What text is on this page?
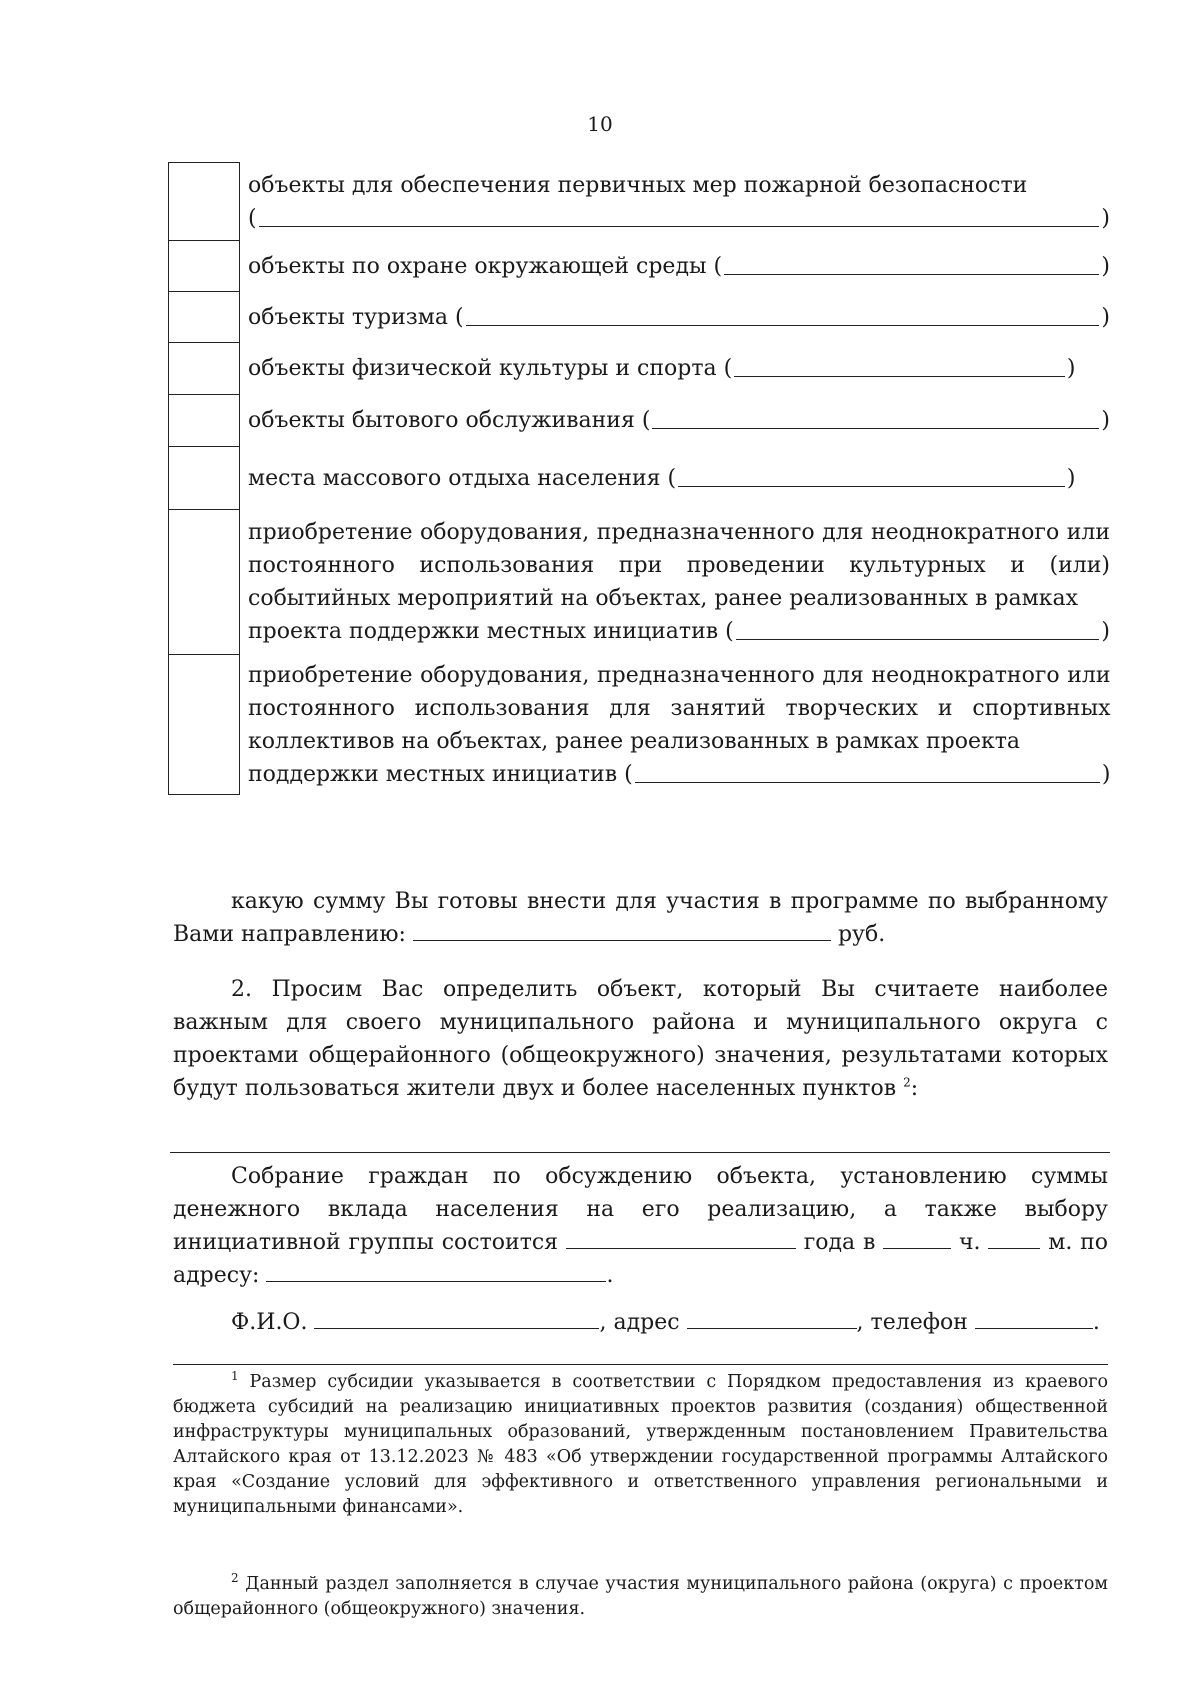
10

	объекты для обеспечения первичных мер пожарной безопасности
( )

	объекты по охране окружающей среды ( )

	объекты туризма ( )

	объекты физической культуры и спорта ( )

	объекты бытового обслуживания ( )

	места массового отдыха населения ( )

	приобретение оборудования, предназначенного для неоднократного или постоянного использования при проведении культурных и (или) событийных мероприятий на объектах, ранее реализованных в рамках
проекта поддержки местных инициатив ( )

	приобретение оборудования, предназначенного для неоднократного или постоянного использования для занятий творческих и спортивных коллективов на объектах, ранее реализованных в рамках проекта
поддержки местных инициатив ( )
какую сумму Вы готовы внести для участия в программе по выбранному Вами направлению:	руб.
2. Просим Вас определить объект, который Вы считаете наиболее важным для своего муниципального района и муниципального округа с проектами общерайонного (общеокружного) значения, результатами которых будут пользоваться жители двух и более населенных пунктов $^2$:
Собрание граждан по обсуждению объекта, установлению суммы денежного вклада населения на его реализацию, а также выбору инициативной группы состоится	года в	ч.	м. по адресу:	.
Ф.И.О.	, адрес	, телефон	.
$^1$ Размер субсидии указывается в соответствии с Порядком предоставления из краевого бюджета субсидий на реализацию инициативных проектов развития (создания) общественной инфраструктуры муниципальных образований, утвержденным постановлением Правительства Алтайского края от 13.12.2023 № 483 «Об утверждении государственной программы Алтайского края «Создание условий для эффективного и ответственного управления региональными и муниципальными финансами».
$^2$ Данный раздел заполняется в случае участия муниципального района (округа) с проектом общерайонного (общеокружного) значения.
